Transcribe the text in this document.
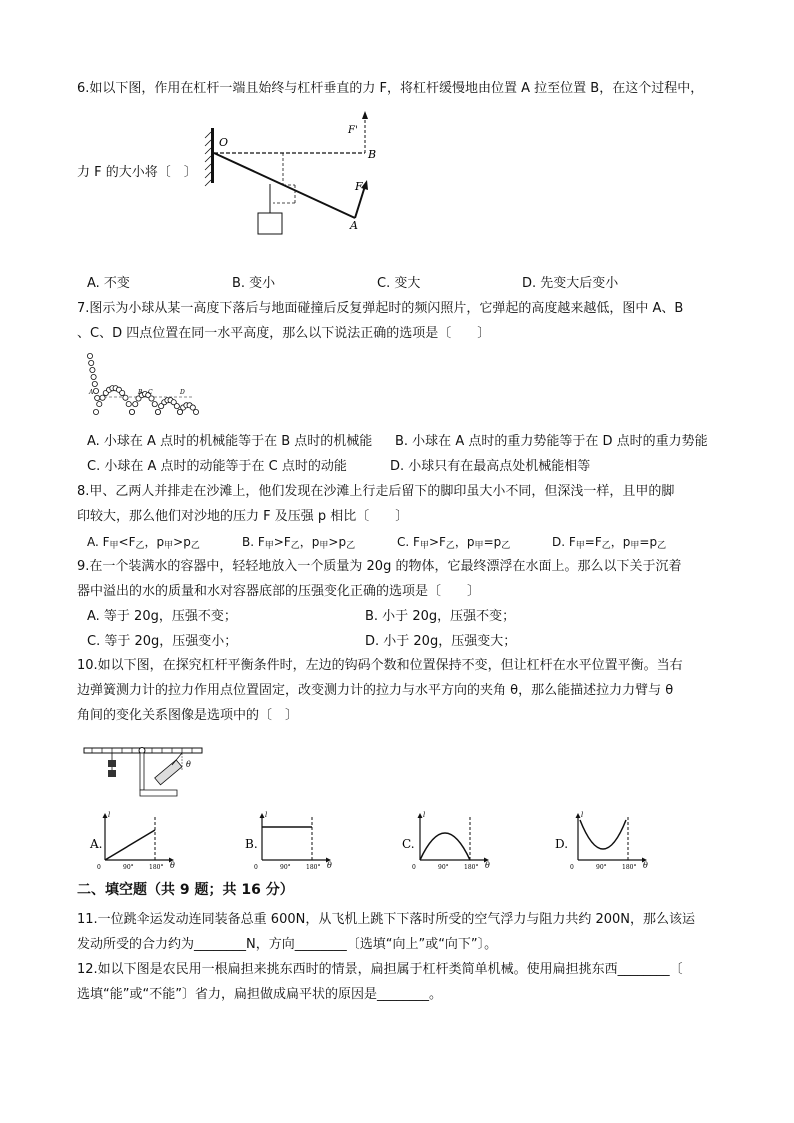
6.如以下图，作用在杠杆一端且始终与杠杆垂直的力 F，将杠杆缓慢地由位置 A 拉至位置 B，在这个过程中，
O
B
A
F
F'
力 F 的大小将〔　〕
A. 不变	B. 变小	C. 变大	D. 先变大后变小
7.图示为小球从某一高度下落后与地面碰撞后反复弹起时的频闪照片，它弹起的高度越来越低，图中 A、B
、C、D 四点位置在同一水平高度，那么以下说法正确的选项是〔　　〕
A	B C	D
A. 小球在 A 点时的机械能等于在 B 点时的机械能 B. 小球在 A 点时的重力势能等于在 D 点时的重力势能
C. 小球在 A 点时的动能等于在 C 点时的动能	D. 小球只有在最高点处机械能相等
8.甲、乙两人并排走在沙滩上，他们发现在沙滩上行走后留下的脚印虽大小不同，但深浅一样，且甲的脚
印较大，那么他们对沙地的压力 F 及压强 p 相比〔　　〕
A. $F_甲<F_乙$，$p_甲>p_乙$	B. $F_甲>F_乙$，$p_甲>p_乙$	C. $F_甲>F_乙$，$p_甲=p_乙$	D. $F_甲=F_乙$，$p_甲=p_乙$
9.在一个装满水的容器中，轻轻地放入一个质量为 20g 的物体，它最终漂浮在水面上。那么以下关于沉着
器中溢出的水的质量和水对容器底部的压强变化正确的选项是〔　　〕
A. 等于 20g，压强不变；	B. 小于 20g，压强不变；
C. 等于 20g，压强变小；	D. 小于 20g，压强变大；
10.如以下图，在探究杠杆平衡条件时，左边的钩码个数和位置保持不变，但让杠杆在水平位置平衡。当右
边弹簧测力计的拉力作用点位置固定，改变测力计的拉力与水平方向的夹角 θ，那么能描述拉力力臂与 θ
角间的变化关系图像是选项中的〔　〕
θ
A.
0	90°	180° θ
l
B.
0	90°	180° θ
l
C.
0	90°	180° θ
l
D.
0	90°	180° θ
l
二、填空题（共 9 题；共 16 分）
11.一位跳伞运发动连同装备总重 600N，从飞机上跳下下落时所受的空气浮力与阻力共约 200N，那么该运
发动所受的合力约为________N，方向________〔选填“向上”或“向下”〕。
12.如以下图是农民用一根扁担来挑东西时的情景，扁担属于杠杆类简单机械。使用扁担挑东西________〔
选填“能”或“不能”〕省力，扁担做成扁平状的原因是________。
